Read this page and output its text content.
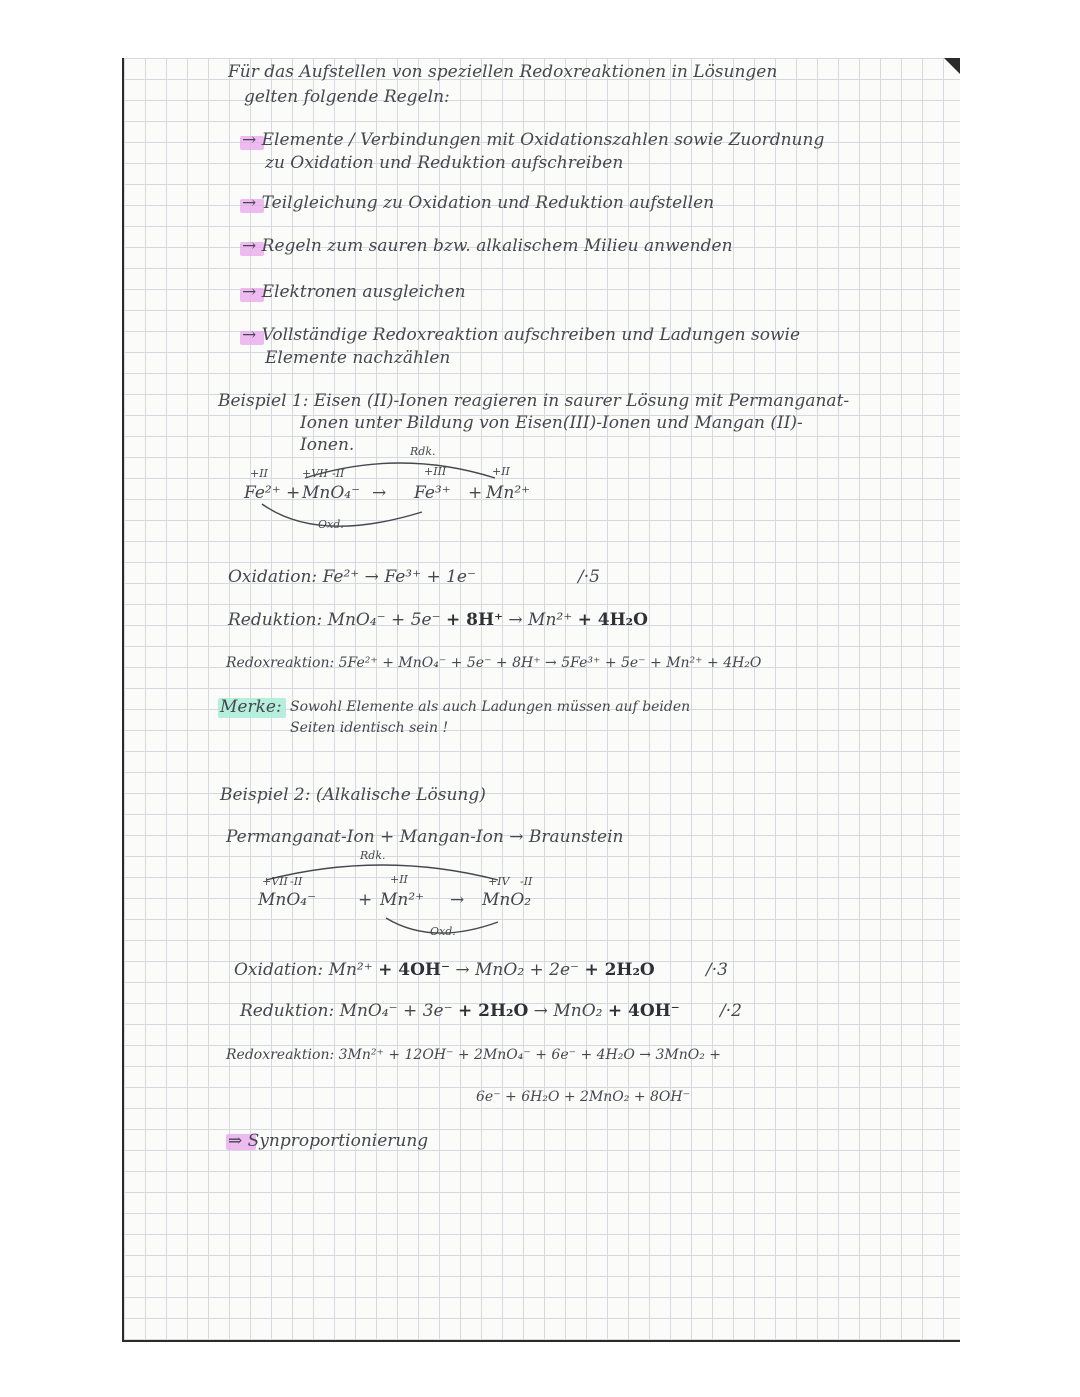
Für das Aufstellen von speziellen Redoxreaktionen in Lösungen
gelten folgende Regeln:
→ Elemente / Verbindungen mit Oxidationszahlen sowie Zuordnung
zu Oxidation und Reduktion aufschreiben
→ Teilgleichung zu Oxidation und Reduktion aufstellen
→ Regeln zum sauren bzw. alkalischem Milieu anwenden
→ Elektronen ausgleichen
→ Vollständige Redoxreaktion aufschreiben und Ladungen sowie
Elemente nachzählen
Beispiel 1: Eisen (II)-Ionen reagieren in saurer Lösung mit Permanganat-
Ionen unter Bildung von Eisen(III)-Ionen und Mangan (II)-
Ionen.	Rdk.
+II	+VII -II	+III	+II
Fe²⁺ + MnO₄⁻ → Fe³⁺ + Mn²⁺
Oxd.
Oxidation: Fe²⁺ → Fe³⁺ + 1e⁻	/·5
Reduktion: MnO₄⁻ + 5e⁻ + 8H⁺ → Mn²⁺ + 4H₂O
Redoxreaktion: 5Fe²⁺ + MnO₄⁻ + 5e⁻ + 8H⁺ → 5Fe³⁺ + 5e⁻ + Mn²⁺ + 4H₂O
Merke: Sowohl Elemente als auch Ladungen müssen auf beiden
Seiten identisch sein !
Beispiel 2: (Alkalische Lösung)
Permanganat-Ion + Mangan-Ion → Braunstein
Rdk.
+VII -II	+II	+IV -II
MnO₄⁻ + Mn²⁺ → MnO₂
Oxd.
Oxidation: Mn²⁺ + 4OH⁻ → MnO₂ + 2e⁻ + 2H₂O	/·3
Reduktion: MnO₄⁻ + 3e⁻ + 2H₂O → MnO₂ + 4OH⁻ /·2
Redoxreaktion: 3Mn²⁺ + 12OH⁻ + 2MnO₄⁻ + 6e⁻ + 4H₂O → 3MnO₂ +
6e⁻ + 6H₂O + 2MnO₂ + 8OH⁻
⇒ Synproportionierung
